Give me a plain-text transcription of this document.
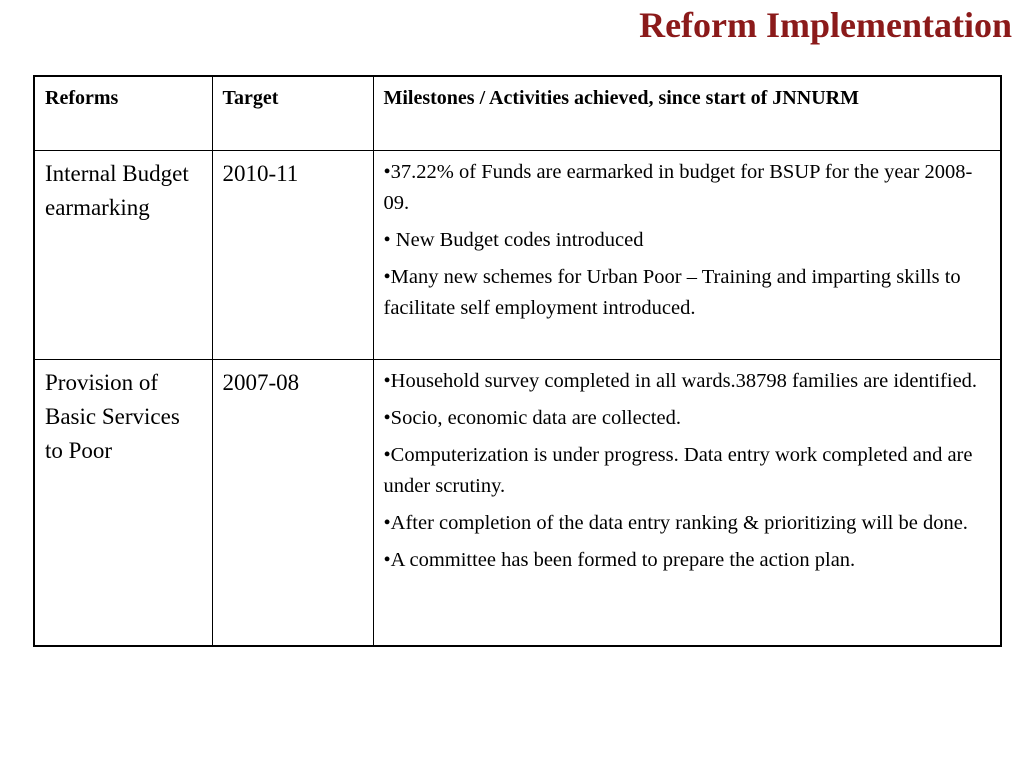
Reform Implementation
Reforms	Target	Milestones / Activities achieved, since start of JNNURM
Internal Budget earmarking	2010-11	•37.22% of Funds are earmarked in budget for BSUP for the year 2008-09.

• New Budget codes introduced

•Many new schemes for Urban Poor – Training and imparting skills to facilitate self employment introduced.

Provision of Basic Services to Poor	2007-08	•Household survey completed in all wards.38798 families are identified.

•Socio, economic data are collected.

•Computerization is under progress. Data entry work completed and are under scrutiny.

•After completion of the data entry ranking & prioritizing will be done.

•A committee has been formed to prepare the action plan.
